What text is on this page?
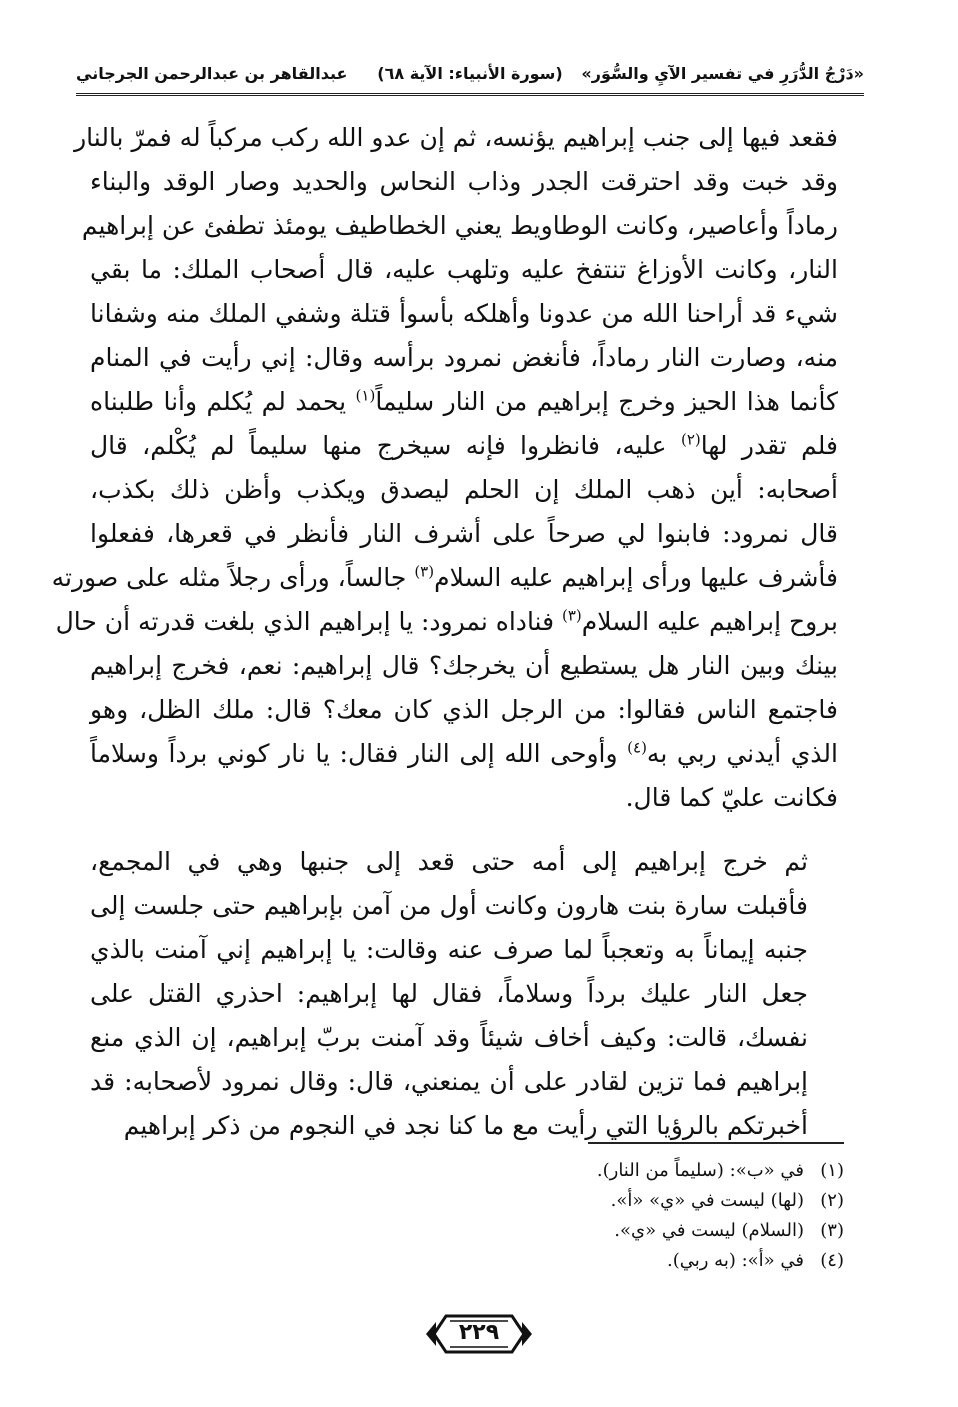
«دَرْجُ الدُّرَرِ في تفسير الآيِ والسُّوَر»
(سورة الأنبياء: الآية ٦٨)
عبدالقاهر بن عبدالرحمن الجرجاني

فقعد فيها إلى جنب إبراهيم يؤنسه، ثم إن عدو الله ركب مركباً له فمرّ بالنار
وقد خبت وقد احترقت الجدر وذاب النحاس والحديد وصار الوقد والبناء
رماداً وأعاصير، وكانت الوطاويط يعني الخطاطيف يومئذ تطفئ عن إبراهيم
النار، وكانت الأوزاغ تنتفخ عليه وتلهب عليه، قال أصحاب الملك: ما بقي
شيء قد أراحنا الله من عدونا وأهلكه بأسوأ قتلة وشفي الملك منه وشفانا
منه، وصارت النار رماداً، فأنغض نمرود برأسه وقال: إني رأيت في المنام
كأنما هذا الحيز وخرج إبراهيم من النار سليماً$^{(١)}$ يحمد لم يُكلم وأنا طلبناه
فلم تقدر لها$^{(٢)}$ عليه، فانظروا فإنه سيخرج منها سليماً لم يُكْلم، قال
أصحابه: أين ذهب الملك إن الحلم ليصدق ويكذب وأظن ذلك بكذب،
قال نمرود: فابنوا لي صرحاً على أشرف النار فأنظر في قعرها، ففعلوا
فأشرف عليها ورأى إبراهيم عليه السلام$^{(٣)}$ جالساً، ورأى رجلاً مثله على صورته
بروح إبراهيم عليه السلام$^{(٣)}$ فناداه نمرود: يا إبراهيم الذي بلغت قدرته أن حال
بينك وبين النار هل يستطيع أن يخرجك؟ قال إبراهيم: نعم، فخرج إبراهيم
فاجتمع الناس فقالوا: من الرجل الذي كان معك؟ قال: ملك الظل، وهو
الذي أيدني ربي به$^{(٤)}$ وأوحى الله إلى النار فقال: يا نار كوني برداً وسلاماً
فكانت عليّ كما قال.

ثم خرج إبراهيم إلى أمه حتى قعد إلى جنبها وهي في المجمع،
فأقبلت سارة بنت هارون وكانت أول من آمن بإبراهيم حتى جلست إلى
جنبه إيماناً به وتعجباً لما صرف عنه وقالت: يا إبراهيم إني آمنت بالذي
جعل النار عليك برداً وسلاماً، فقال لها إبراهيم: احذري القتل على
نفسك، قالت: وكيف أخاف شيئاً وقد آمنت بربّ إبراهيم، إن الذي منع
إبراهيم فما تزين لقادر على أن يمنعني، قال: وقال نمرود لأصحابه: قد
أخبرتكم بالرؤيا التي رأيت مع ما كنا نجد في النجوم من ذكر إبراهيم

(١)في «ب»: (سليماً من النار).
(٢)(لها) ليست في «ي» «أ».
(٣)(السلام) ليست في «ي».
(٤)في «أ»: (به ربي).
٢٢٩
